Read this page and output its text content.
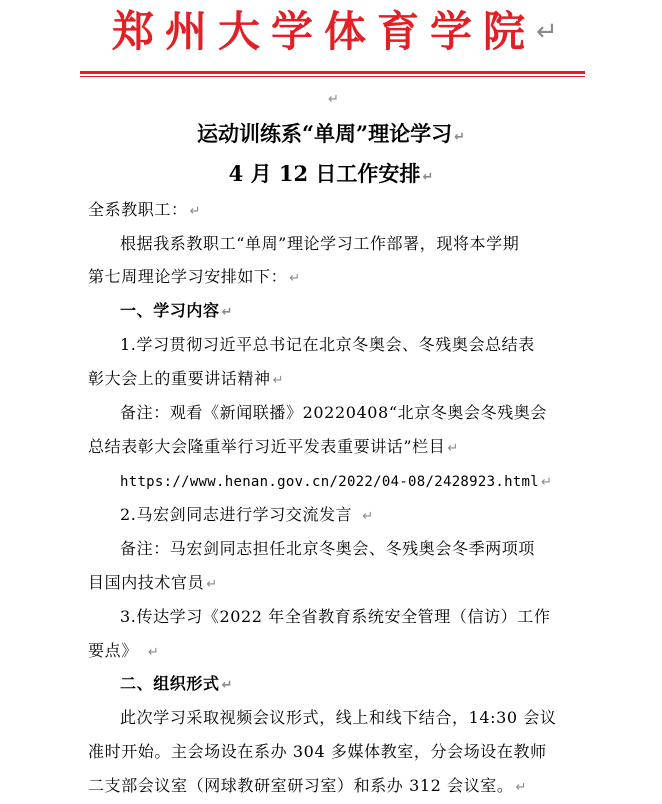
郑州大学体育学院 ↵
↵
运动训练系“单周”理论学习 ↵
4 月 12 日工作安排 ↵
全系教职工： ↵
根据我系教职工“单周”理论学习工作部署，现将本学期
第七周理论学习安排如下： ↵
一、学习内容 ↵
1.学习贯彻习近平总书记在北京冬奥会、冬残奥会总结表
彰大会上的重要讲话精神 ↵
备注：观看《新闻联播》20220408“北京冬奥会冬残奥会
总结表彰大会隆重举行习近平发表重要讲话”栏目 ↵
https://www.henan.gov.cn/2022/04-08/2428923.html ↵
2.马宏剑同志进行学习交流发言 ↵
备注：马宏剑同志担任北京冬奥会、冬残奥会冬季两项项
目国内技术官员 ↵
3.传达学习《2022 年全省教育系统安全管理（信访）工作
要点》 ↵
二、组织形式 ↵
此次学习采取视频会议形式，线上和线下结合，14:30 会议
准时开始。主会场设在系办 304 多媒体教室，分会场设在教师
二支部会议室（网球教研室研习室）和系办 312 会议室。 ↵
